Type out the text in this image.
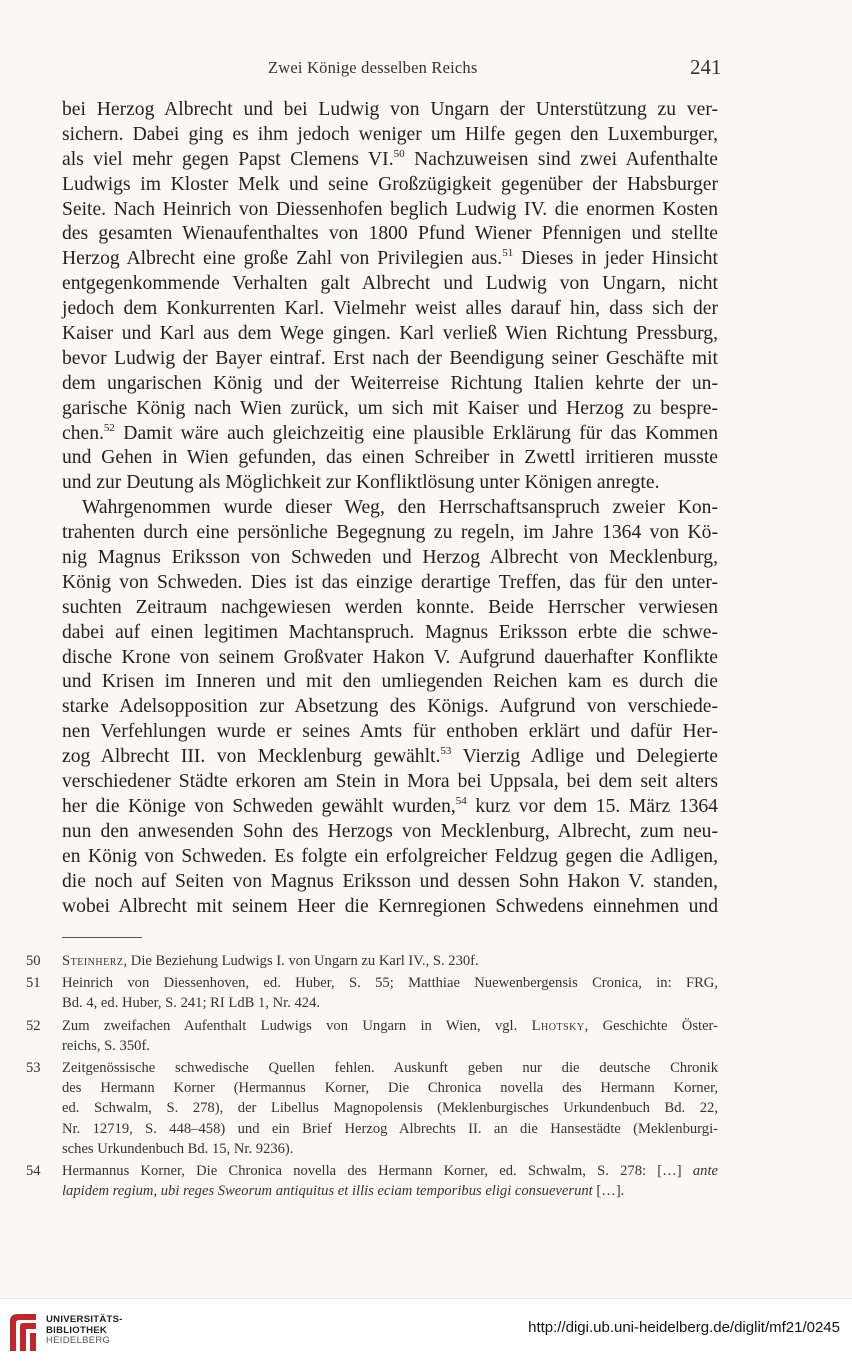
Zwei Könige desselben Reichs	241
bei Herzog Albrecht und bei Ludwig von Ungarn der Unterstützung zu ver-
sichern. Dabei ging es ihm jedoch weniger um Hilfe gegen den Luxemburger,
als viel mehr gegen Papst Clemens VI.$^{50}$ Nachzuweisen sind zwei Aufenthalte
Ludwigs im Kloster Melk und seine Großzügigkeit gegenüber der Habsburger
Seite. Nach Heinrich von Diessenhofen beglich Ludwig IV. die enormen Kosten
des gesamten Wienaufenthaltes von 1800 Pfund Wiener Pfennigen und stellte
Herzog Albrecht eine große Zahl von Privilegien aus.$^{51}$ Dieses in jeder Hinsicht
entgegenkommende Verhalten galt Albrecht und Ludwig von Ungarn, nicht
jedoch dem Konkurrenten Karl. Vielmehr weist alles darauf hin, dass sich der
Kaiser und Karl aus dem Wege gingen. Karl verließ Wien Richtung Pressburg,
bevor Ludwig der Bayer eintraf. Erst nach der Beendigung seiner Geschäfte mit
dem ungarischen König und der Weiterreise Richtung Italien kehrte der un-
garische König nach Wien zurück, um sich mit Kaiser und Herzog zu bespre-
chen.$^{52}$ Damit wäre auch gleichzeitig eine plausible Erklärung für das Kommen
und Gehen in Wien gefunden, das einen Schreiber in Zwettl irritieren musste
und zur Deutung als Möglichkeit zur Konfliktlösung unter Königen anregte.
Wahrgenommen wurde dieser Weg, den Herrschaftsanspruch zweier Kon-
trahenten durch eine persönliche Begegnung zu regeln, im Jahre 1364 von Kö-
nig Magnus Eriksson von Schweden und Herzog Albrecht von Mecklenburg,
König von Schweden. Dies ist das einzige derartige Treffen, das für den unter-
suchten Zeitraum nachgewiesen werden konnte. Beide Herrscher verwiesen
dabei auf einen legitimen Machtanspruch. Magnus Eriksson erbte die schwe-
dische Krone von seinem Großvater Hakon V. Aufgrund dauerhafter Konflikte
und Krisen im Inneren und mit den umliegenden Reichen kam es durch die
starke Adelsopposition zur Absetzung des Königs. Aufgrund von verschiede-
nen Verfehlungen wurde er seines Amts für enthoben erklärt und dafür Her-
zog Albrecht III. von Mecklenburg gewählt.$^{53}$ Vierzig Adlige und Delegierte
verschiedener Städte erkoren am Stein in Mora bei Uppsala, bei dem seit alters
her die Könige von Schweden gewählt wurden,$^{54}$ kurz vor dem 15. März 1364
nun den anwesenden Sohn des Herzogs von Mecklenburg, Albrecht, zum neu-
en König von Schweden. Es folgte ein erfolgreicher Feldzug gegen die Adligen,
die noch auf Seiten von Magnus Eriksson und dessen Sohn Hakon V. standen,
wobei Albrecht mit seinem Heer die Kernregionen Schwedens einnehmen und
50 Steinherz, Die Beziehung Ludwigs I. von Ungarn zu Karl IV., S. 230f.
51 Heinrich von Diessenhoven, ed. Huber, S. 55; Matthiae Nuewenbergensis Cronica, in: FRG,
Bd. 4, ed. Huber, S. 241; RI LdB 1, Nr. 424.
52 Zum zweifachen Aufenthalt Ludwigs von Ungarn in Wien, vgl. Lhotsky, Geschichte Öster-
reichs, S. 350f.
53 Zeitgenössische schwedische Quellen fehlen. Auskunft geben nur die deutsche Chronik
des Hermann Korner (Hermannus Korner, Die Chronica novella des Hermann Korner,
ed. Schwalm, S. 278), der Libellus Magnopolensis (Meklenburgisches Urkundenbuch Bd. 22,
Nr. 12719, S. 448–458) und ein Brief Herzog Albrechts II. an die Hansestädte (Meklenburgi-
sches Urkundenbuch Bd. 15, Nr. 9236).
54 Hermannus Korner, Die Chronica novella des Hermann Korner, ed. Schwalm, S. 278: […] ante
lapidem regium, ubi reges Sweorum antiquitus et illis eciam temporibus eligi consueverunt […].
UNIVERSITÄTS-
BIBLIOTHEK
HEIDELBERG
http://digi.ub.uni-heidelberg.de/diglit/mf21/0245
